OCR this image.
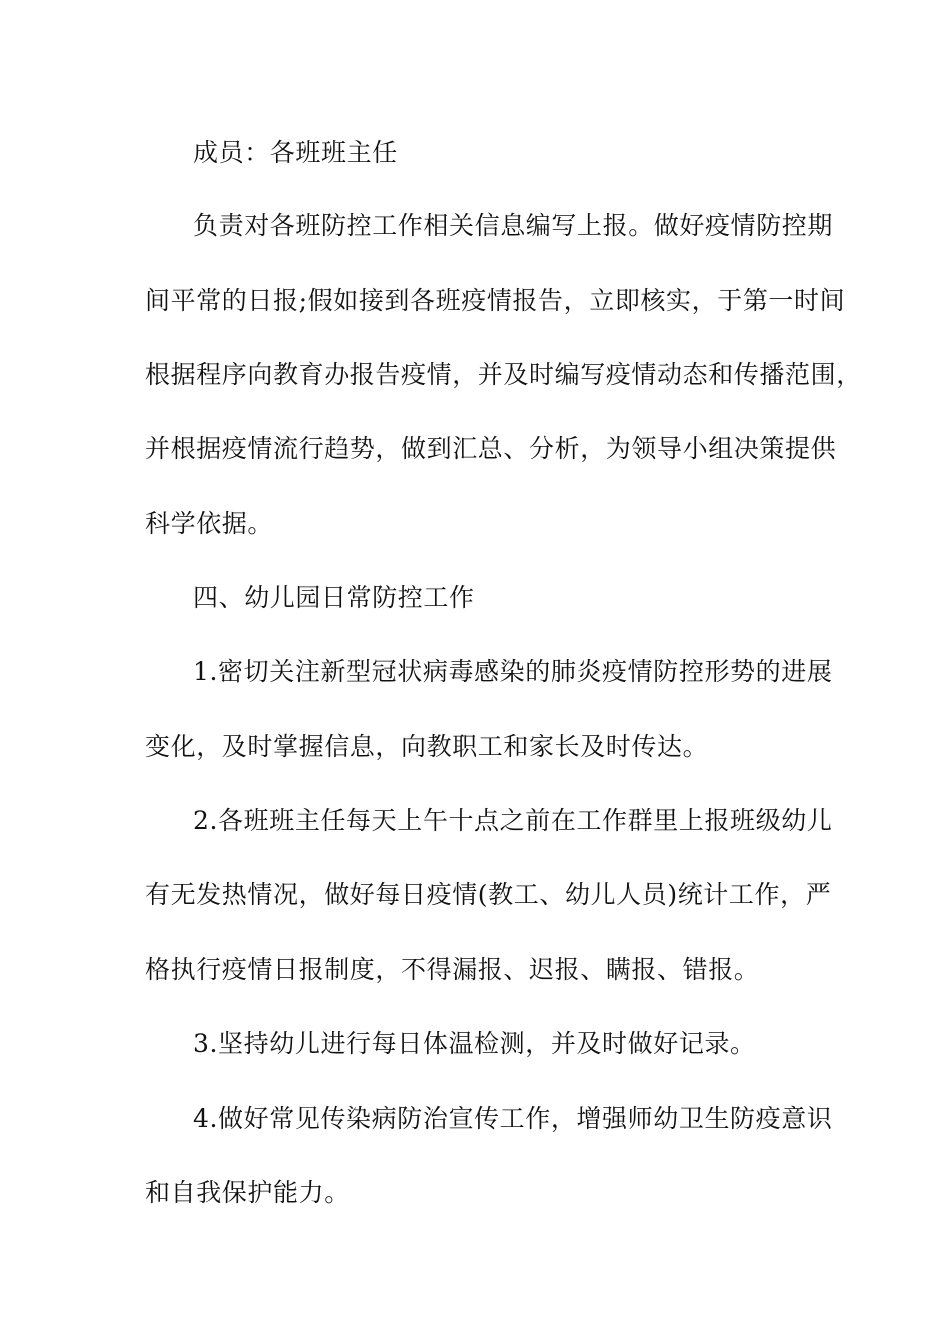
成员：各班班主任
负责对各班防控工作相关信息编写上报。做好疫情防控期
间平常的日报;假如接到各班疫情报告，立即核实，于第一时间
根据程序向教育办报告疫情，并及时编写疫情动态和传播范围，
并根据疫情流行趋势，做到汇总、分析，为领导小组决策提供
科学依据。
四、幼儿园日常防控工作
1.密切关注新型冠状病毒感染的肺炎疫情防控形势的进展
变化，及时掌握信息，向教职工和家长及时传达。
2.各班班主任每天上午十点之前在工作群里上报班级幼儿
有无发热情况，做好每日疫情(教工、幼儿人员)统计工作，严
格执行疫情日报制度，不得漏报、迟报、瞒报、错报。
3.坚持幼儿进行每日体温检测，并及时做好记录。
4.做好常见传染病防治宣传工作，增强师幼卫生防疫意识
和自我保护能力。
